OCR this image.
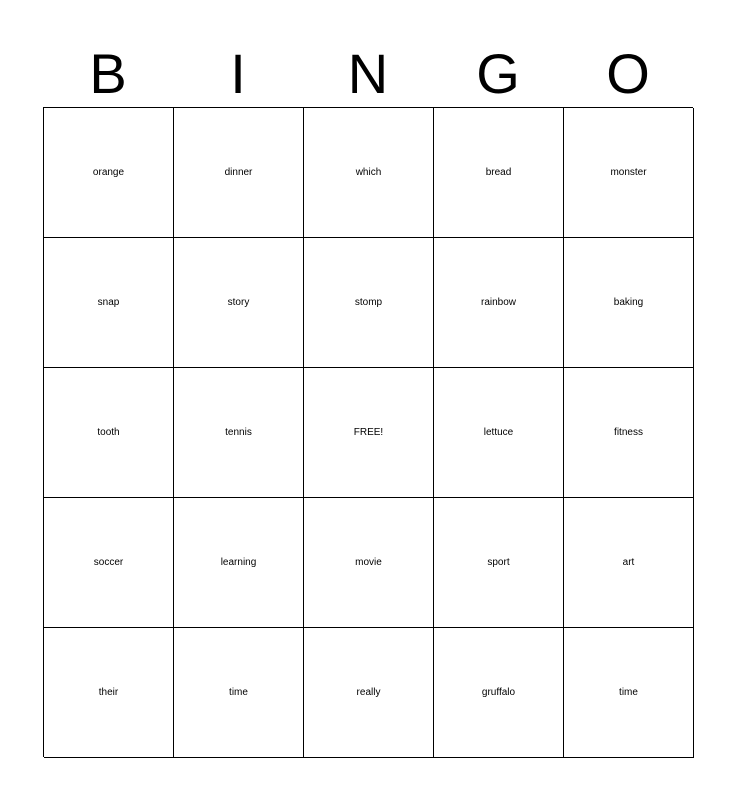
B	I	N	G	O
orange	dinner	which	bread	monster
snap	story	stomp	rainbow	baking
tooth	tennis	FREE!	lettuce	fitness
soccer	learning	movie	sport	art
their	time	really	gruffalo	time
